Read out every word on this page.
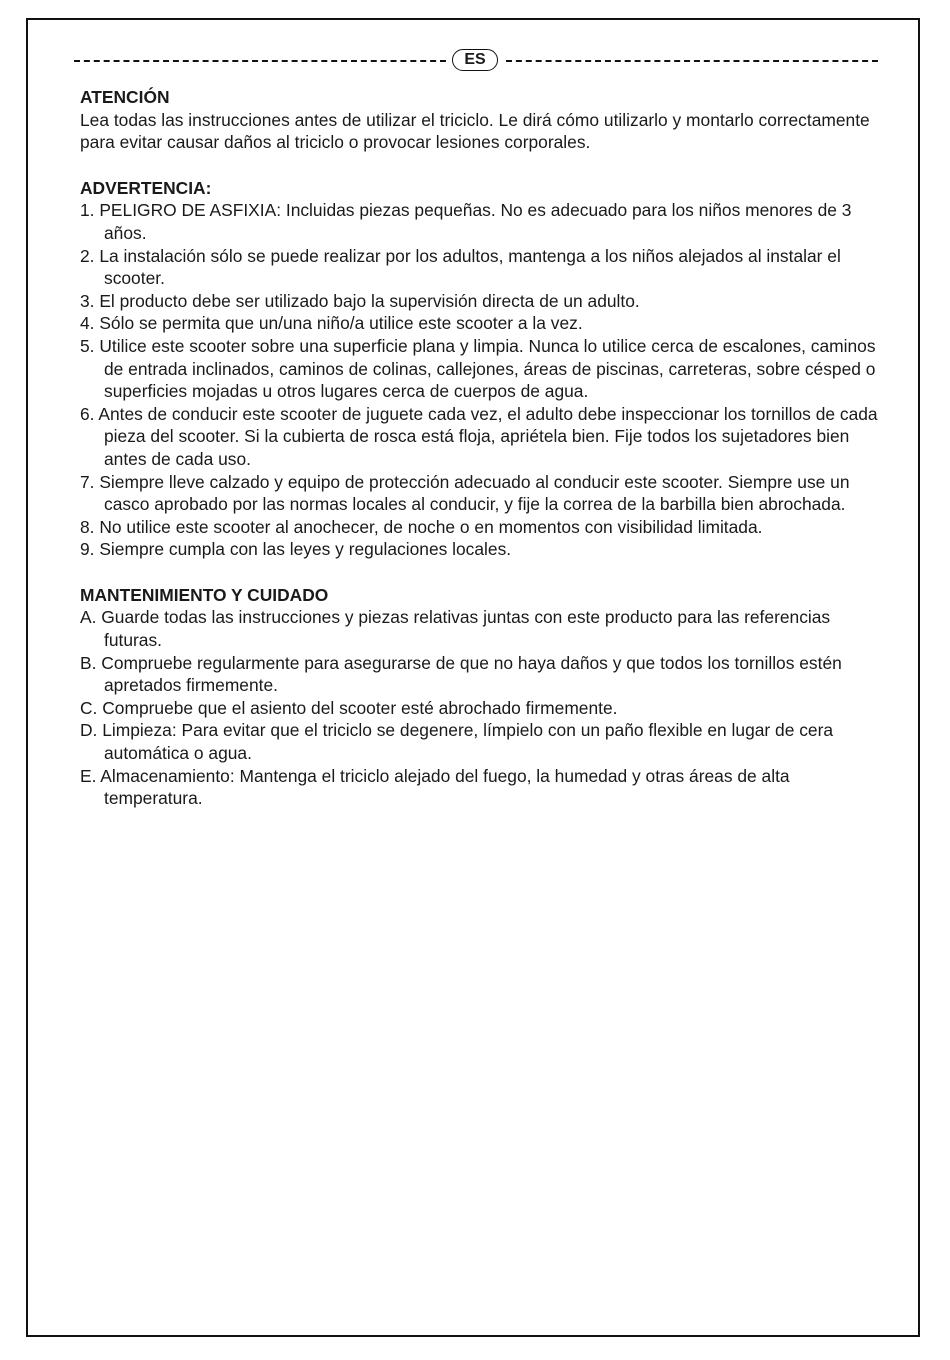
ES

ATENCIÓN

Lea todas las instrucciones antes de utilizar el triciclo. Le dirá cómo utilizarlo y montarlo correctamente para evitar causar daños al triciclo o provocar lesiones corporales.

ADVERTENCIA:

1. PELIGRO DE ASFIXIA: Incluidas piezas pequeñas. No es adecuado para los niños menores de 3 años.
2. La instalación sólo se puede realizar por los adultos, mantenga a los niños alejados al instalar el scooter.
3. El producto debe ser utilizado bajo la supervisión directa de un adulto.
4. Sólo se permita que un/una niño/a utilice este scooter a la vez.
5. Utilice este scooter sobre una superficie plana y limpia. Nunca lo utilice cerca de escalones, caminos de entrada inclinados, caminos de colinas, callejones, áreas de piscinas, carreteras, sobre césped o superficies mojadas u otros lugares cerca de cuerpos de agua.
6. Antes de conducir este scooter de juguete cada vez, el adulto debe inspeccionar los tornillos de cada pieza del scooter. Si la cubierta de rosca está floja, apriétela bien. Fije todos los sujetadores bien antes de cada uso.
7. Siempre lleve calzado y equipo de protección adecuado al conducir este scooter. Siempre use un casco aprobado por las normas locales al conducir, y fije la correa de la barbilla bien abrochada.
8. No utilice este scooter al anochecer, de noche o en momentos con visibilidad limitada.
9. Siempre cumpla con las leyes y regulaciones locales.

MANTENIMIENTO Y CUIDADO

A. Guarde todas las instrucciones y piezas relativas juntas con este producto para las referencias futuras.
B. Compruebe regularmente para asegurarse de que no haya daños y que todos los tornillos estén apretados firmemente.
C. Compruebe que el asiento del scooter esté abrochado firmemente.
D. Limpieza: Para evitar que el triciclo se degenere, límpielo con un paño flexible en lugar de cera automática o agua.
E. Almacenamiento: Mantenga el triciclo alejado del fuego, la humedad y otras áreas de alta temperatura.
